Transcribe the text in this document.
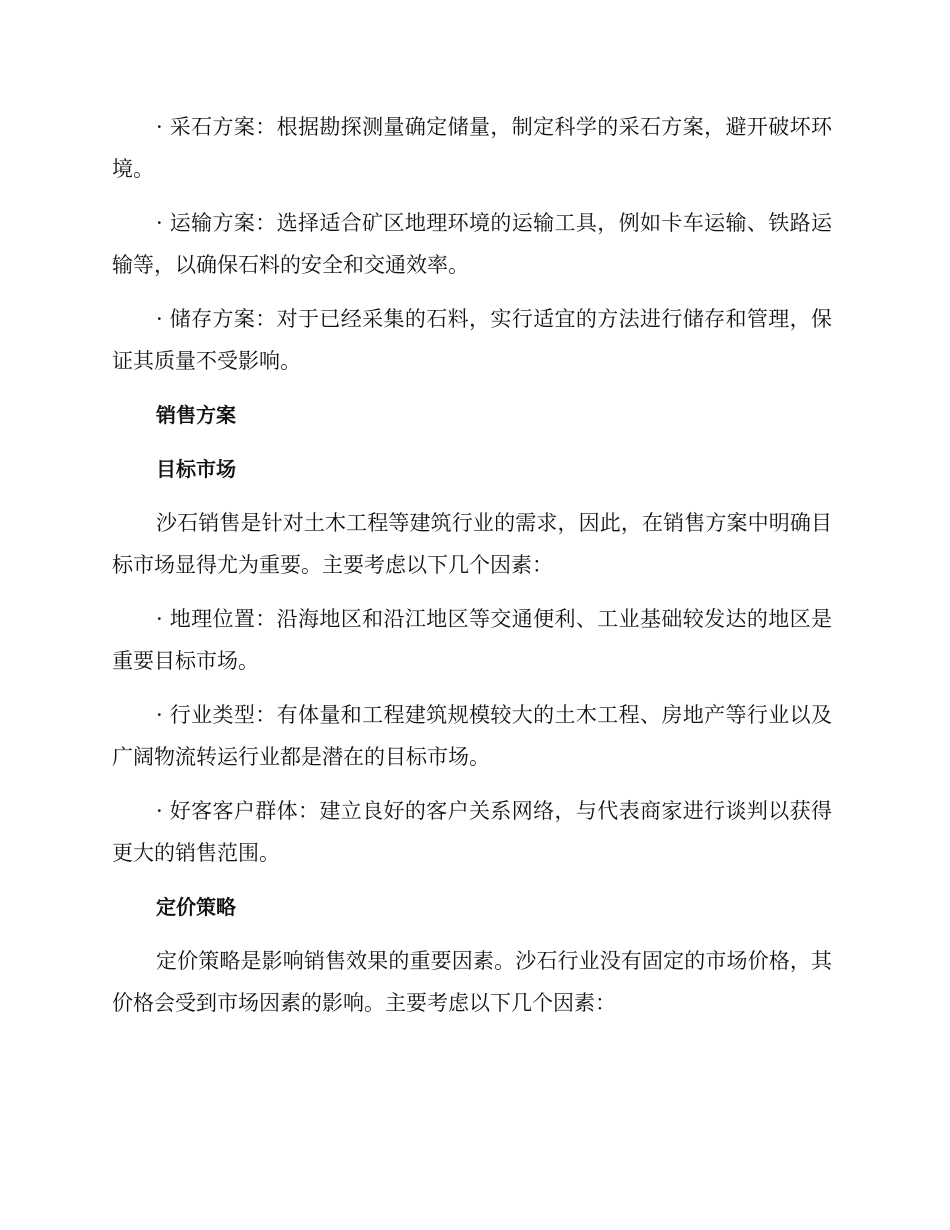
· 采石方案：根据勘探测量确定储量，制定科学的采石方案，避开破坏环境。

· 运输方案：选择适合矿区地理环境的运输工具，例如卡车运输、铁路运输等，以确保石料的安全和交通效率。

· 储存方案：对于已经采集的石料，实行适宜的方法进行储存和管理，保证其质量不受影响。

销售方案

目标市场

沙石销售是针对土木工程等建筑行业的需求，因此，在销售方案中明确目标市场显得尤为重要。主要考虑以下几个因素：

· 地理位置：沿海地区和沿江地区等交通便利、工业基础较发达的地区是重要目标市场。

· 行业类型：有体量和工程建筑规模较大的土木工程、房地产等行业以及广阔物流转运行业都是潜在的目标市场。

· 好客客户群体：建立良好的客户关系网络，与代表商家进行谈判以获得更大的销售范围。

定价策略

定价策略是影响销售效果的重要因素。沙石行业没有固定的市场价格，其价格会受到市场因素的影响。主要考虑以下几个因素：
